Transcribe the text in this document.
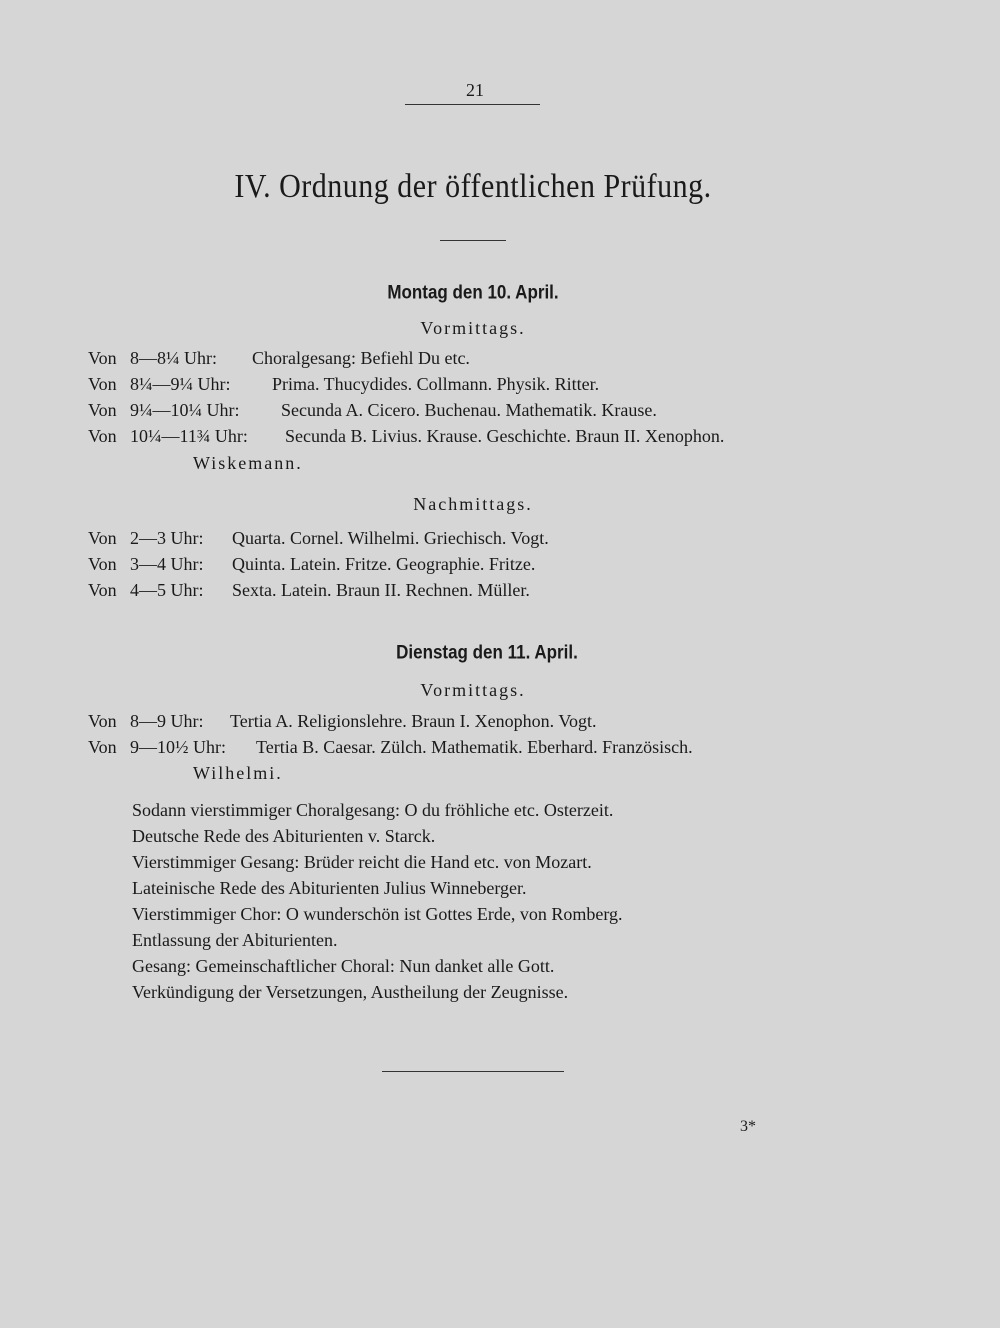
21
IV. Ordnung der öffentlichen Prüfung.
Montag den 10. April.
Vormittags.
Von 8—8¼ Uhr: Choralgesang: Befiehl Du etc.
Von 8¼—9¼ Uhr: Prima. Thucydides. Collmann. Physik. Ritter.
Von 9¼—10¼ Uhr: Secunda A. Cicero. Buchenau. Mathematik. Krause.
Von 10¼—11¾ Uhr: Secunda B. Livius. Krause. Geschichte. Braun II. Xenophon.
Wiskemann.
Nachmittags.
Von 2—3 Uhr: Quarta. Cornel. Wilhelmi. Griechisch. Vogt.
Von 3—4 Uhr: Quinta. Latein. Fritze. Geographie. Fritze.
Von 4—5 Uhr: Sexta. Latein. Braun II. Rechnen. Müller.
Dienstag den 11. April.
Vormittags.
Von 8—9 Uhr: Tertia A. Religionslehre. Braun I. Xenophon. Vogt.
Von 9—10½ Uhr: Tertia B. Caesar. Zülch. Mathematik. Eberhard. Französisch.
Wilhelmi.
Sodann vierstimmiger Choralgesang: O du fröhliche etc. Osterzeit.
Deutsche Rede des Abiturienten v. Starck.
Vierstimmiger Gesang: Brüder reicht die Hand etc. von Mozart.
Lateinische Rede des Abiturienten Julius Winneberger.
Vierstimmiger Chor: O wunderschön ist Gottes Erde, von Romberg.
Entlassung der Abiturienten.
Gesang: Gemeinschaftlicher Choral: Nun danket alle Gott.
Verkündigung der Versetzungen, Austheilung der Zeugnisse.
3*
